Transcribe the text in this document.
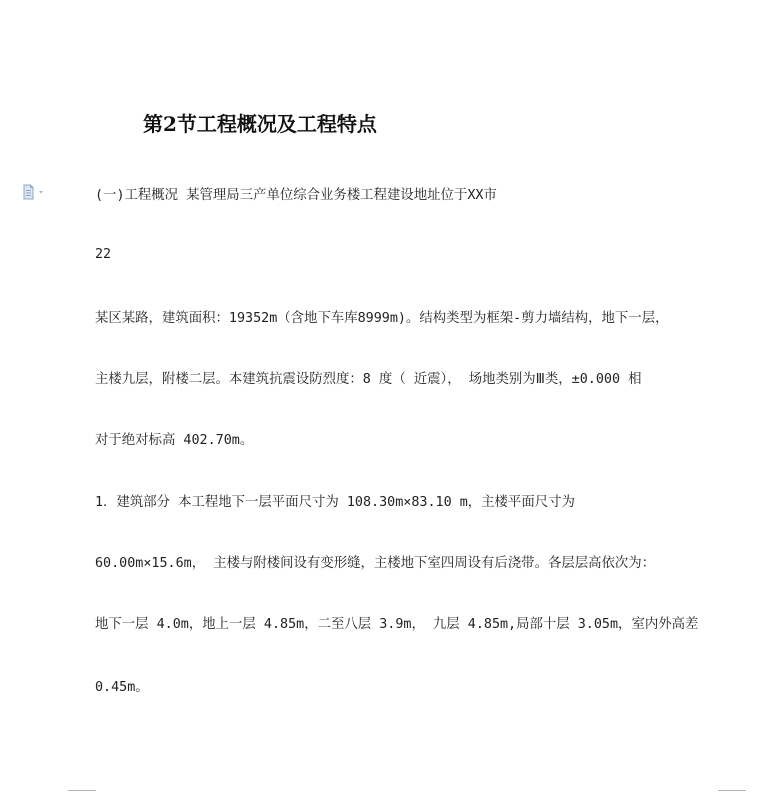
第2节工程概况及工程特点
(一)工程概况 某管理局三产单位综合业务楼工程建设地址位于XX市
22
某区某路，建筑面积：19352m（含地下车库8999m)。结构类型为框架-剪力墙结构，地下一层，
主楼九层，附楼二层。本建筑抗震设防烈度：8 度（ 近震）， 场地类别为Ⅲ类，±0.000 相
对于绝对标高 402.70m。
1．建筑部分 本工程地下一层平面尺寸为 108.30m×83.10 m，主楼平面尺寸为
60.00m×15.6m， 主楼与附楼间设有变形缝，主楼地下室四周设有后浇带。各层层高依次为：
地下一层 4.0m，地上一层 4.85m，二至八层 3.9m， 九层 4.85m,局部十层 3.05m，室内外高差
0.45m。
